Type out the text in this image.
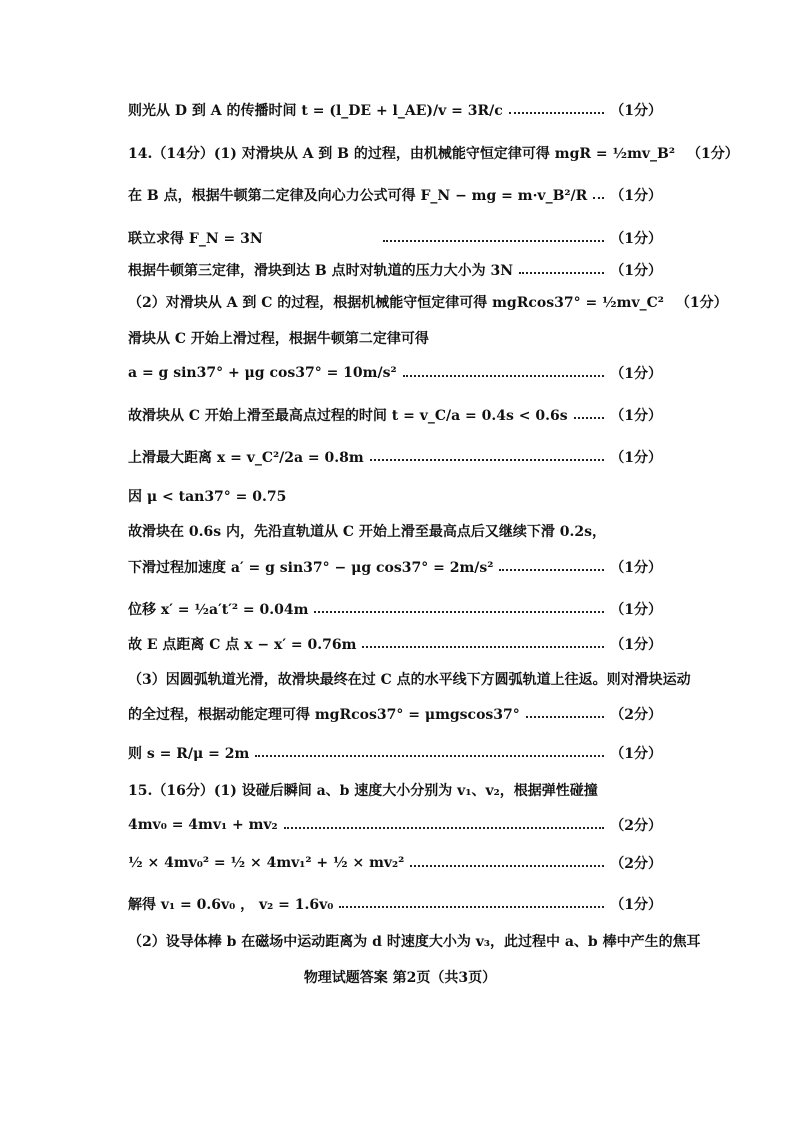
则光从 D 到 A 的传播时间 t = (l_DE + l_AE)/v = 3R/c	（1分）
14.（14分）(1) 对滑块从 A 到 B 的过程，由机械能守恒定律可得 mgR = ½mv_B² （1分）
在 B 点，根据牛顿第二定律及向心力公式可得 F_N − mg = m·v_B²/R （1分）
联立求得 F_N = 3N	（1分）
根据牛顿第三定律，滑块到达 B 点时对轨道的压力大小为 3N	（1分）
（2）对滑块从 A 到 C 的过程，根据机械能守恒定律可得 mgRcos37° = ½mv_C² （1分）
滑块从 C 开始上滑过程，根据牛顿第二定律可得
a = g sin37° + μg cos37° = 10m/s²	（1分）
故滑块从 C 开始上滑至最高点过程的时间 t = v_C/a = 0.4s < 0.6s	（1分）
上滑最大距离 x = v_C²/2a = 0.8m	（1分）
因 μ < tan37° = 0.75
故滑块在 0.6s 内，先沿直轨道从 C 开始上滑至最高点后又继续下滑 0.2s，
下滑过程加速度 a′ = g sin37° − μg cos37° = 2m/s²	（1分）
位移 x′ = ½a′t′² = 0.04m	（1分）
故 E 点距离 C 点 x − x′ = 0.76m	（1分）
（3）因圆弧轨道光滑，故滑块最终在过 C 点的水平线下方圆弧轨道上往返。则对滑块运动
的全过程，根据动能定理可得 mgRcos37° = μmgscos37°	（2分）
则 s = R/μ = 2m	（1分）
15.（16分）(1) 设碰后瞬间 a、b 速度大小分别为 v₁、v₂，根据弹性碰撞
4mv₀ = 4mv₁ + mv₂	（2分）
½ × 4mv₀² = ½ × 4mv₁² + ½ × mv₂²	（2分）
解得 v₁ = 0.6v₀ ， v₂ = 1.6v₀	（1分）
（2）设导体棒 b 在磁场中运动距离为 d 时速度大小为 v₃，此过程中 a、b 棒中产生的焦耳
物理试题答案 第2页（共3页）
